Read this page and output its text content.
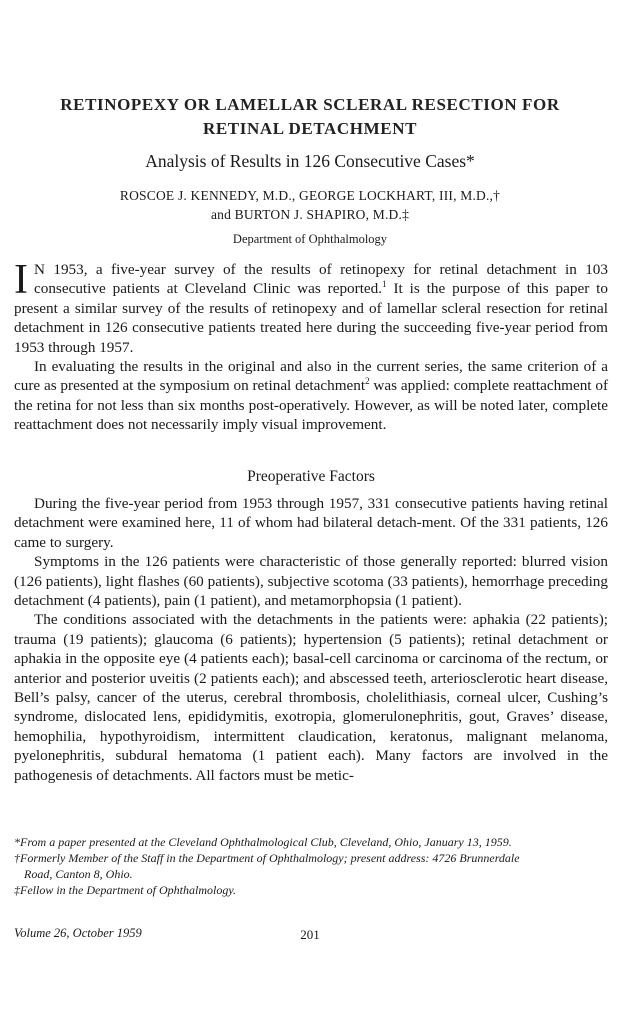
RETINOPEXY OR LAMELLAR SCLERAL RESECTION FOR
RETINAL DETACHMENT
Analysis of Results in 126 Consecutive Cases*
ROSCOE J. KENNEDY, M.D., GEORGE LOCKHART, III, M.D.,†
and BURTON J. SHAPIRO, M.D.‡
Department of Ophthalmology

I N 1953, a five-year survey of the results of retinopexy for retinal detachment in 103 consecutive patients at Cleveland Clinic was reported.$^1$ It is the purpose of this paper to present a similar survey of the results of retinopexy and of lamellar scleral resection for retinal detachment in 126 consecutive patients treated here during the succeeding five-year period from 1953 through 1957.

In evaluating the results in the original and also in the current series, the same criterion of a cure as presented at the symposium on retinal detachment$^2$ was applied: complete reattachment of the retina for not less than six months post-operatively. However, as will be noted later, complete reattachment does not necessarily imply visual improvement.

Preoperative Factors

During the five-year period from 1953 through 1957, 331 consecutive patients having retinal detachment were examined here, 11 of whom had bilateral detach-ment. Of the 331 patients, 126 came to surgery.

Symptoms in the 126 patients were characteristic of those generally reported: blurred vision (126 patients), light flashes (60 patients), subjective scotoma (33 patients), hemorrhage preceding detachment (4 patients), pain (1 patient), and metamorphopsia (1 patient).

The conditions associated with the detachments in the patients were: aphakia (22 patients); trauma (19 patients); glaucoma (6 patients); hypertension (5 patients); retinal detachment or aphakia in the opposite eye (4 patients each); basal-cell carcinoma or carcinoma of the rectum, or anterior and posterior uveitis (2 patients each); and abscessed teeth, arteriosclerotic heart disease, Bell’s palsy, cancer of the uterus, cerebral thrombosis, cholelithiasis, corneal ulcer, Cushing’s syndrome, dislocated lens, epididymitis, exotropia, glomerulonephritis, gout, Graves’ disease, hemophilia, hypothyroidism, intermittent claudication, keratonus, malignant melanoma, pyelonephritis, subdural hematoma (1 patient each). Many factors are involved in the pathogenesis of detachments. All factors must be metic-

*From a paper presented at the Cleveland Ophthalmological Club, Cleveland, Ohio, January 13, 1959.
†Formerly Member of the Staff in the Department of Ophthalmology; present address: 4726 Brunnerdale
Road, Canton 8, Ohio.
‡Fellow in the Department of Ophthalmology.
Volume 26, October 1959	201
